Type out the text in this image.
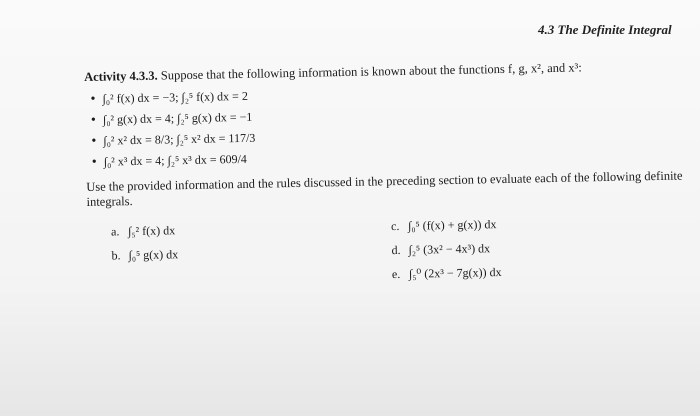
4.3 The Definite Integral

Activity 4.3.3. Suppose that the following information is known about the functions f, g, x², and x³:

• ∫₀² f(x) dx = −3; ∫₂⁵ f(x) dx = 2
• ∫₀² g(x) dx = 4; ∫₂⁵ g(x) dx = −1
• ∫₀² x² dx = 8/3; ∫₂⁵ x² dx = 117/3
• ∫₀² x³ dx = 4; ∫₂⁵ x³ dx = 609/4

Use the provided information and the rules discussed in the preceding section to evaluate each of the following definite integrals.

a. ∫₅² f(x) dx
b. ∫₀⁵ g(x) dx
c. ∫₀⁵ (f(x) + g(x)) dx
d. ∫₂⁵ (3x² − 4x³) dx
e. ∫₅⁰ (2x³ − 7g(x)) dx
